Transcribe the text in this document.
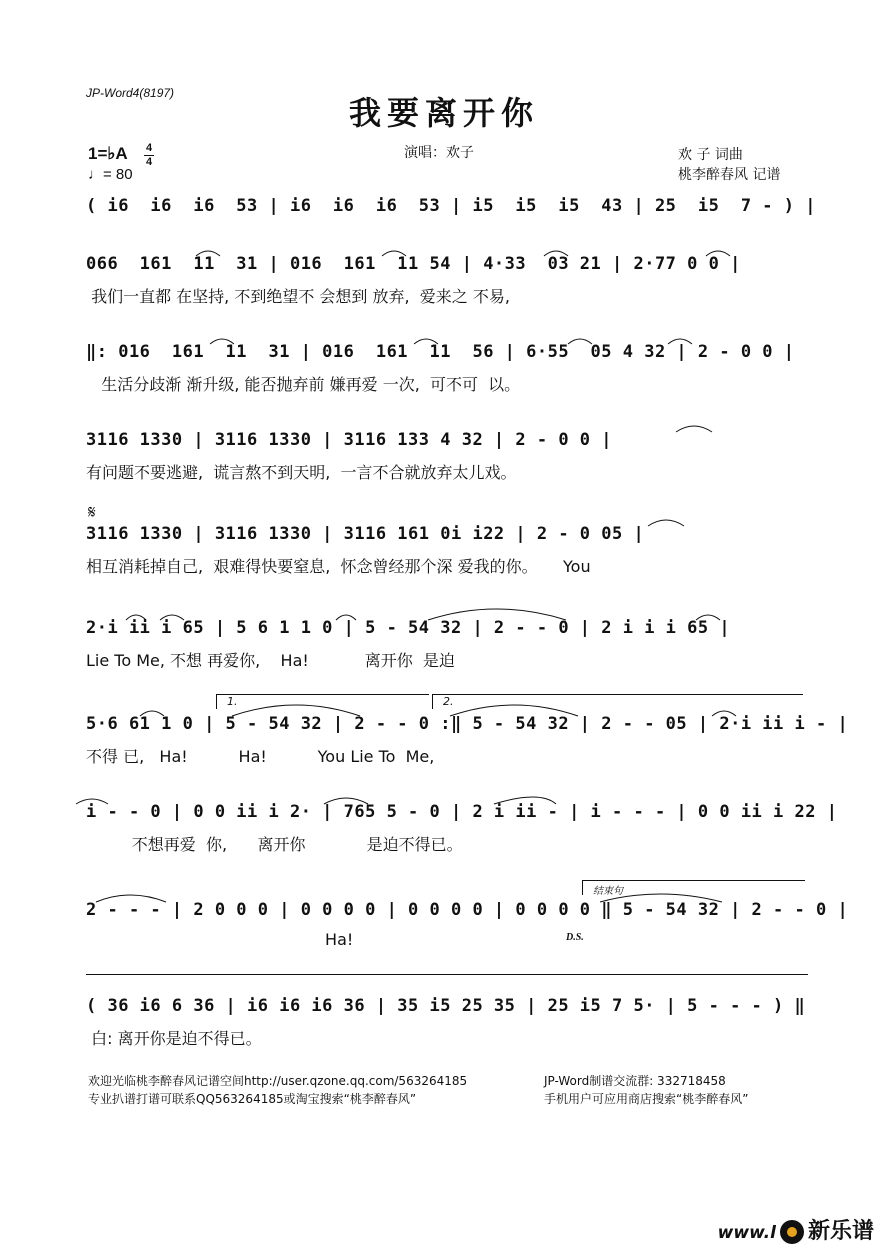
JP-Word4(8197)
我要离开你
1=♭A 4
4
♩= 80
演唱：欢子	欢 子 词曲
桃李醉春风 记谱
( i6  i6  i6  53 | i6  i6  i6  53 | i5  i5  i5  43 | 25  i5  7 - ) |
066  161  11  31 | 016  161  11 54 | 4·33  03 21 | 2·77 0 0 |
我们一直都 在坚持, 不到绝望不 会想到 放弃,  爱来之 不易,
‖: 016  161  11  31 | 016  161  11  56 | 6·55  05 4 32 | 2 - 0 0 |
生活分歧渐 渐升级, 能否抛弃前 嫌再爱 一次,  可不可  以。
3116 1330 | 3116 1330 | 3116 133 4 32 | 2 - 0 0 |
有问题不要逃避,  谎言熬不到天明,  一言不合就放弃太儿戏。
𝄋
3116 1330 | 3116 1330 | 3116 161 0i i22 | 2 - 0 05 |
相互消耗掉自己,  艰难得快要窒息,  怀念曾经那个深 爱我的你。     You
2·i ii i 65 | 5 6 1 1 0 | 5 - 54 32 | 2 - - 0 | 2 i i i 65 |
Lie To Me, 不想 再爱你,    Ha!           离开你  是迫
1.	2.
5·6 61 1 0 | 5 - 54 32 | 2 - - 0 :‖ 5 - 54 32 | 2 - - 05 | 2·i ii i - |
不得 已,   Ha!          Ha!          You Lie To  Me,
i - - 0 | 0 0 ii i 2· | 765 5 - 0 | 2 i ii - | i - - - | 0 0 ii i 22 |
不想再爱  你,      离开你            是迫不得已。
结束句
2 - - - | 2 0 0 0 | 0 0 0 0 | 0 0 0 0 | 0 0 0 0 ‖ 5 - 54 32 | 2 - - 0 |
Ha!	D.S.
( 36 i6 6 36 | i6 i6 i6 36 | 35 i5 25 35 | 25 i5 7 5· | 5 - - - ) ‖
白: 离开你是迫不得已。
欢迎光临桃李醉春风记谱空间http://user.qzone.qq.com/563264185	JP-Word制谱交流群: 332718458
专业扒谱打谱可联系QQ563264185或淘宝搜索“桃李醉春风”	手机用户可应用商店搜索“桃李醉春风”
www.l 新乐谱
